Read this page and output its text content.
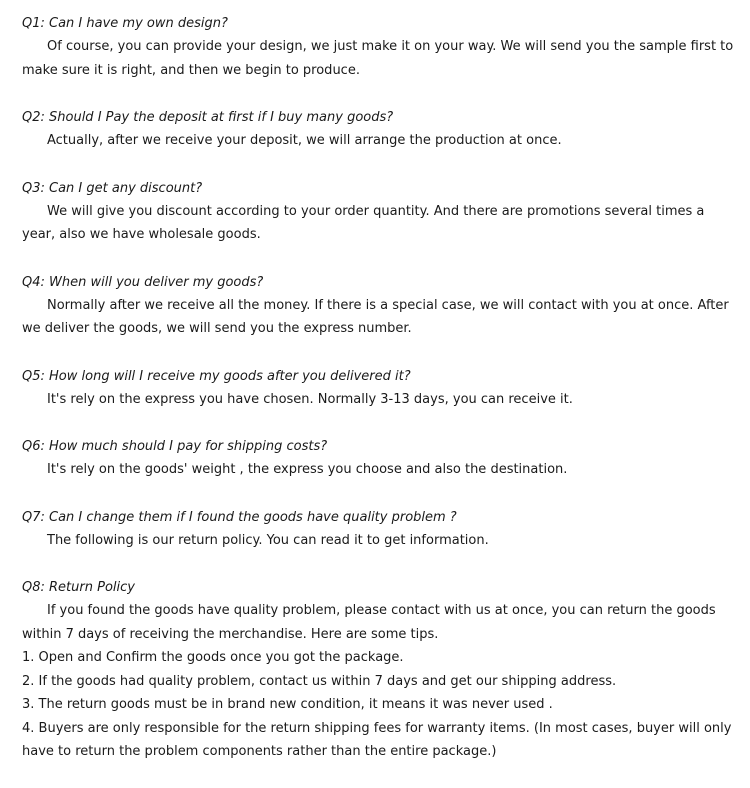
Q1: Can I have my own design?

Of course, you can provide your design, we just make it on your way. We will send you the sample first to make sure it is right, and then we begin to produce.

Q2: Should I Pay the deposit at first if I buy many goods?

Actually, after we receive your deposit, we will arrange the production at once.

Q3: Can I get any discount?

We will give you discount according to your order quantity. And there are promotions several times a year, also we have wholesale goods.

Q4: When will you deliver my goods?

Normally after we receive all the money. If there is a special case, we will contact with you at once. After we deliver the goods, we will send you the express number.

Q5: How long will I receive my goods after you delivered it?

It's rely on the express you have chosen. Normally 3-13 days, you can receive it.

Q6: How much should I pay for shipping costs?

It's rely on the goods' weight , the express you choose and also the destination.

Q7: Can I change them if I found the goods have quality problem ?

The following is our return policy. You can read it to get information.

Q8: Return Policy

If you found the goods have quality problem, please contact with us at once, you can return the goods within 7 days of receiving the merchandise. Here are some tips.

1. Open and Confirm the goods once you got the package.
2. If the goods had quality problem, contact us within 7 days and get our shipping address.
3. The return goods must be in brand new condition, it means it was never used .
4. Buyers are only responsible for the return shipping fees for warranty items. (In most cases, buyer will only have to return the problem components rather than the entire package.)
